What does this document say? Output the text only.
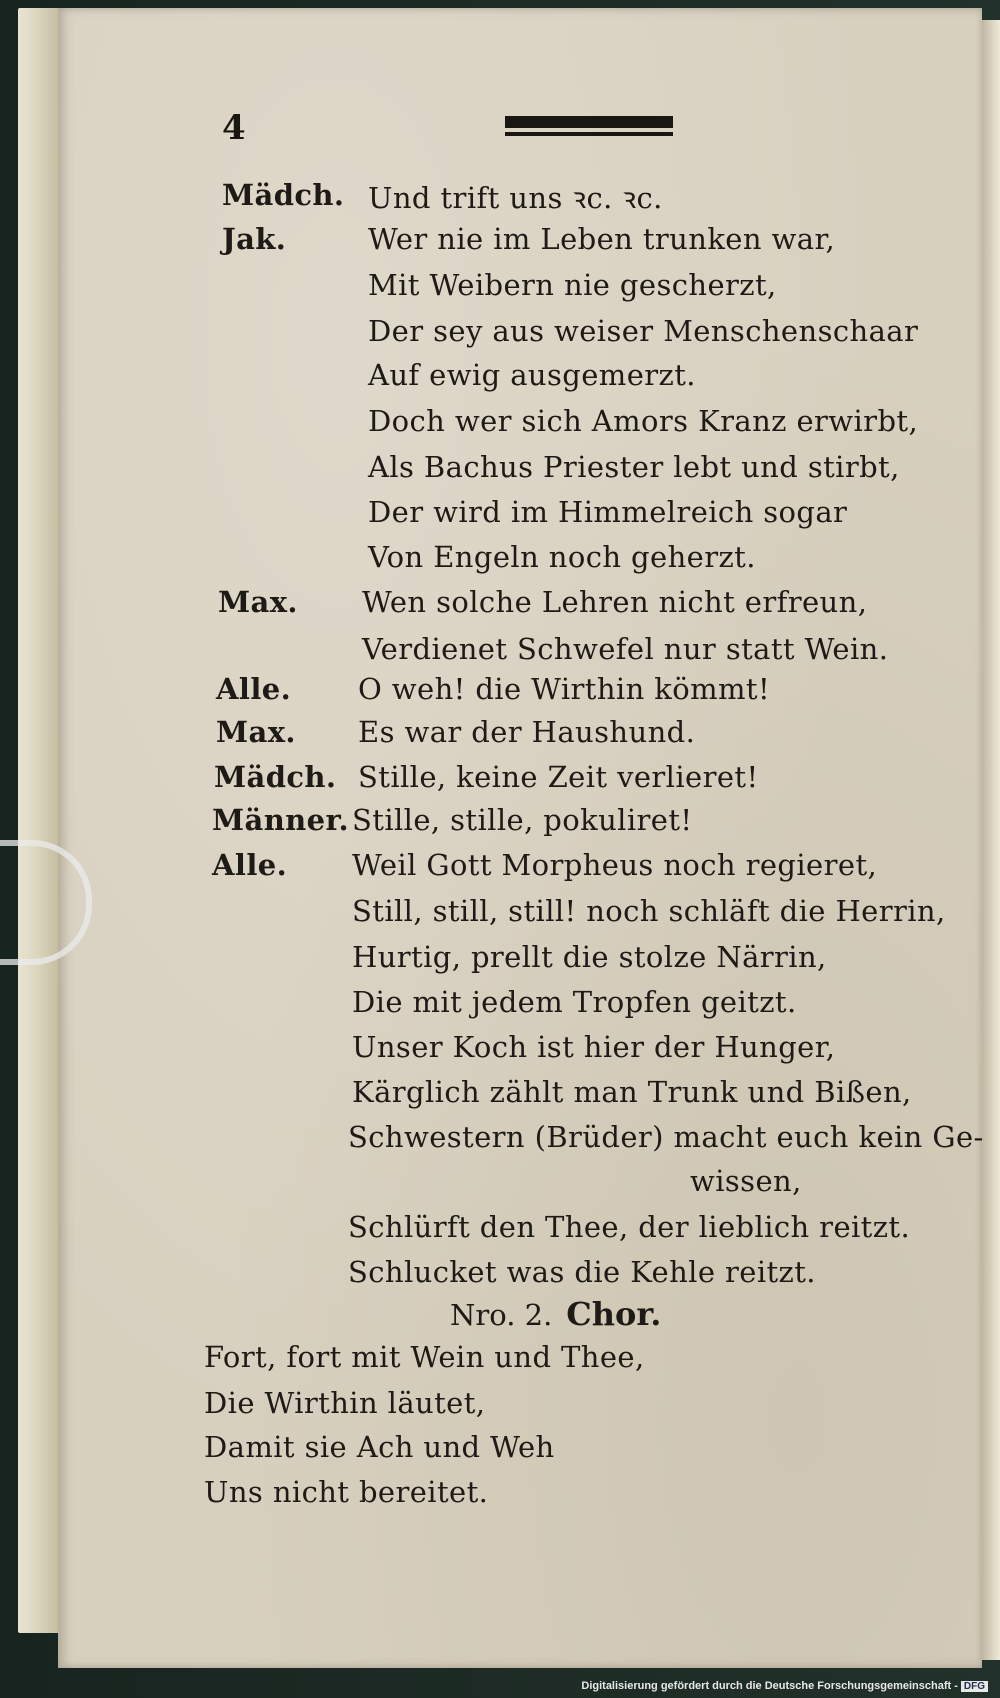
4
Mädch. Und trift uns ꝛc. ꝛc.
Jak.	Wer nie im Leben trunken war,
Mit Weibern nie gescherzt,
Der sey aus weiser Menschenschaar
Auf ewig ausgemerzt.
Doch wer sich Amors Kranz erwirbt,
Als Bachus Priester lebt und stirbt,
Der wird im Himmelreich sogar
Von Engeln noch geherzt.
Max. Wen solche Lehren nicht erfreun,
Verdienet Schwefel nur statt Wein.
Alle. O weh! die Wirthin kömmt!
Max. Es war der Haushund.
Mädch. Stille, keine Zeit verlieret!
Männer. Stille, stille, pokuliret!
Alle. Weil Gott Morpheus noch regieret,
Still, still, still! noch schläft die Herrin,
Hurtig, prellt die stolze Närrin,
Die mit jedem Tropfen geitzt.
Unser Koch ist hier der Hunger,
Kärglich zählt man Trunk und Bißen,
Schwestern (Brüder) macht euch kein Ge-
wissen,
Schlürft den Thee, der lieblich reitzt.
Schlucket was die Kehle reitzt.
Nro. 2. Chor.
Fort, fort mit Wein und Thee,
Die Wirthin läutet,
Damit sie Ach und Weh
Uns nicht bereitet.
Digitalisierung gefördert durch die Deutsche Forschungsgemeinschaft - DFG
